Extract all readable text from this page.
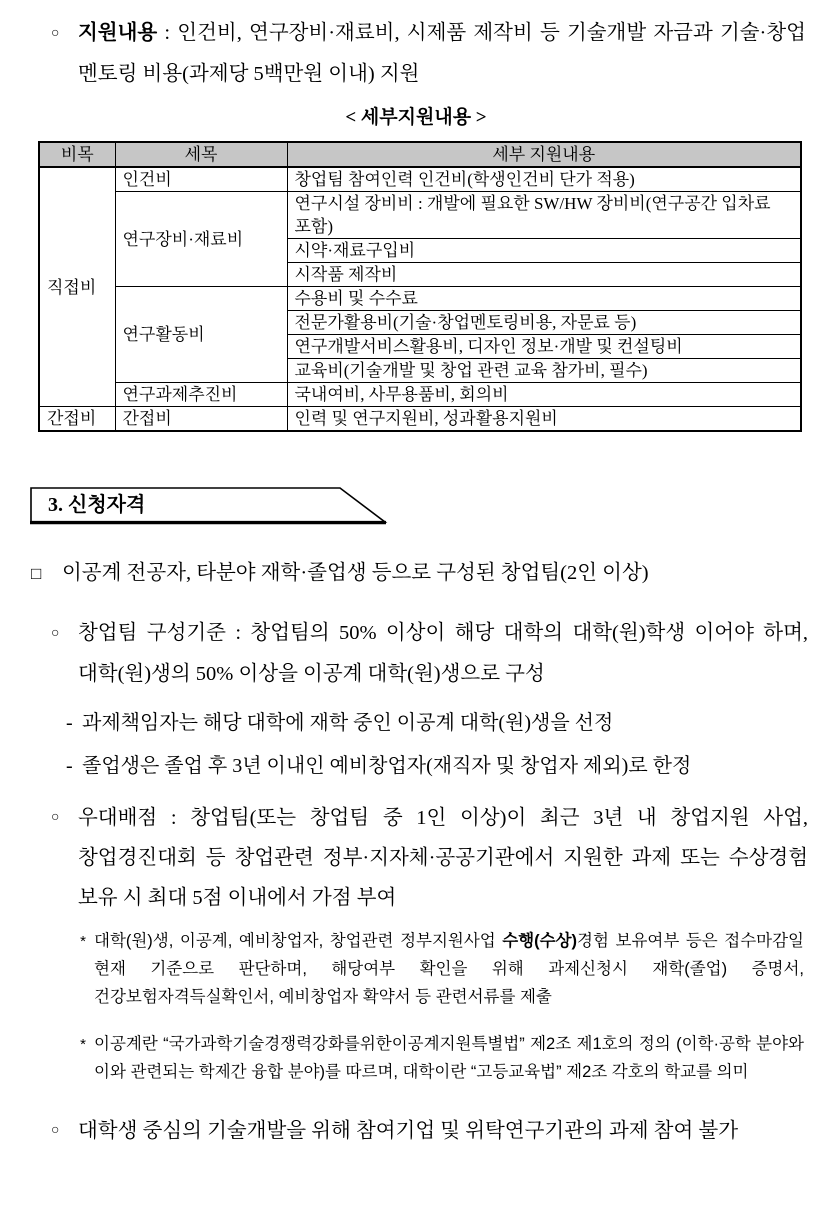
○ 지원내용 : 인건비, 연구장비·재료비, 시제품 제작비 등 기술개발 자금과 기술·창업 멘토링 비용(과제당 5백만원 이내) 지원
< 세부지원내용 >
비목	세목	세부 지원내용
직접비	인건비	창업팀 참여인력 인건비(학생인건비 단가 적용)
	연구장비·재료비	연구시설 장비비 : 개발에 필요한 SW/HW 장비비(연구공간 입차료 포함)
		시약·재료구입비
		시작품 제작비
	연구활동비	수용비 및 수수료
		전문가활용비(기술·창업멘토링비용, 자문료 등)
		연구개발서비스활용비, 디자인 정보·개발 및 컨설팅비
		교육비(기술개발 및 창업 관련 교육 참가비, 필수)
	연구과제추진비	국내여비, 사무용품비, 회의비
간접비	간접비	인력 및 연구지원비, 성과활용지원비
3. 신청자격
□	이공계 전공자, 타분야 재학·졸업생 등으로 구성된 창업팀(2인 이상)
○ 창업팀 구성기준 : 창업팀의 50% 이상이 해당 대학의 대학(원)학생 이어야 하며, 대학(원)생의 50% 이상을 이공계 대학(원)생으로 구성
- 과제책임자는 해당 대학에 재학 중인 이공계 대학(원)생을 선정
- 졸업생은 졸업 후 3년 이내인 예비창업자(재직자 및 창업자 제외)로 한정
○ 우대배점 : 창업팀(또는 창업팀 중 1인 이상)이 최근 3년 내 창업지원 사업, 창업경진대회 등 창업관련 정부·지자체·공공기관에서 지원한 과제 또는 수상경험 보유 시 최대 5점 이내에서 가점 부여
* 대학(원)생, 이공계, 예비창업자, 창업관련 정부지원사업 수행(수상)경험 보유여부 등은 접수마감일 현재 기준으로 판단하며, 해당여부 확인을 위해 과제신청시 재학(졸업) 증명서, 건강보험자격득실확인서, 예비창업자 확약서 등 관련서류를 제출
* 이공계란 “국가과학기술경쟁력강화를위한이공계지원특별법” 제2조 제1호의 정의 (이학·공학 분야와 이와 관련되는 학제간 융합 분야)를 따르며, 대학이란 “고등교육법” 제2조 각호의 학교를 의미
○ 대학생 중심의 기술개발을 위해 참여기업 및 위탁연구기관의 과제 참여 불가
